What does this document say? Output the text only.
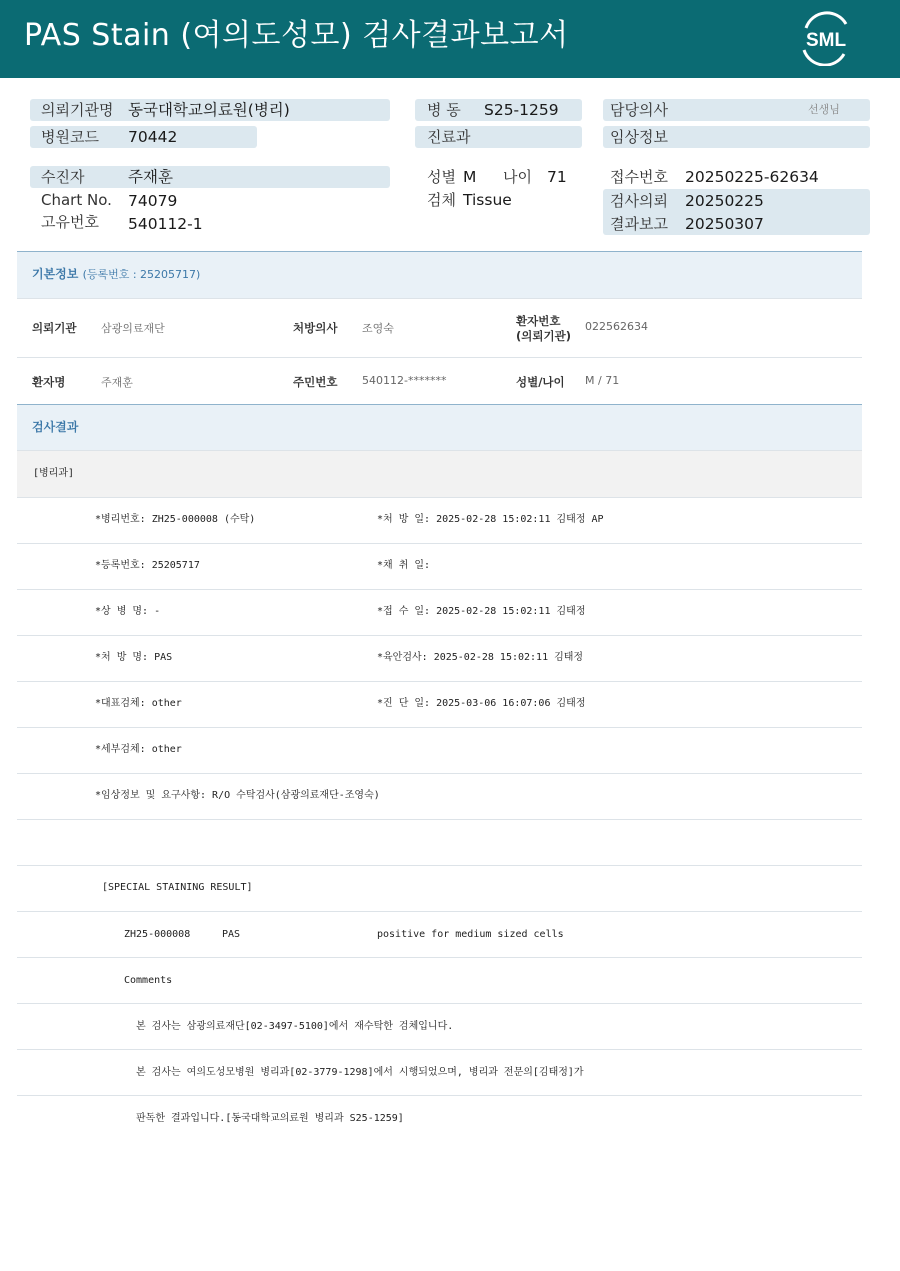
PAS Stain (여의도성모) 검사결과보고서	SML
의뢰기관명 동국대학교의료원(병리)
병원코드 70442
병 동 S25-1259
진료과
담당의사	선생님
임상정보
수진자	주재훈
Chart No. 74079
고유번호 540112-1
성별 M 나이 71
검체 Tissue
접수번호 20250225-62634
검사의뢰 20250225
결과보고 20250307
기본정보 (등록번호 : 25205717)
의뢰기관 삼광의료재단	처방의사 조영숙
환자번호
(의뢰기관)
022562634
환자명	주재훈	주민번호 540112-*******	성별/나이 M / 71
검사결과
[병리과]
*병리번호: ZH25-000008 (수탁)	*처 방 일: 2025-02-28 15:02:11 김태정 AP
*등록번호: 25205717	*채 취 일:
*상 병 명: -	*접 수 일: 2025-02-28 15:02:11 김태정
*처 방 명: PAS	*육안검사: 2025-02-28 15:02:11 김태정
*대표검체: other	*진 단 일: 2025-03-06 16:07:06 김태정
*세부검체: other
*임상정보 및 요구사항: R/O 수탁검사(삼광의료재단-조영숙)
[SPECIAL STAINING RESULT]
ZH25-000008	PAS	positive for medium sized cells
Comments
본 검사는 삼광의료재단[02-3497-5100]에서 재수탁한 검체입니다.
본 검사는 여의도성모병원 병리과[02-3779-1298]에서 시행되었으며, 병리과 전문의[김태정]가
판독한 결과입니다.[동국대학교의료원 병리과 S25-1259]
